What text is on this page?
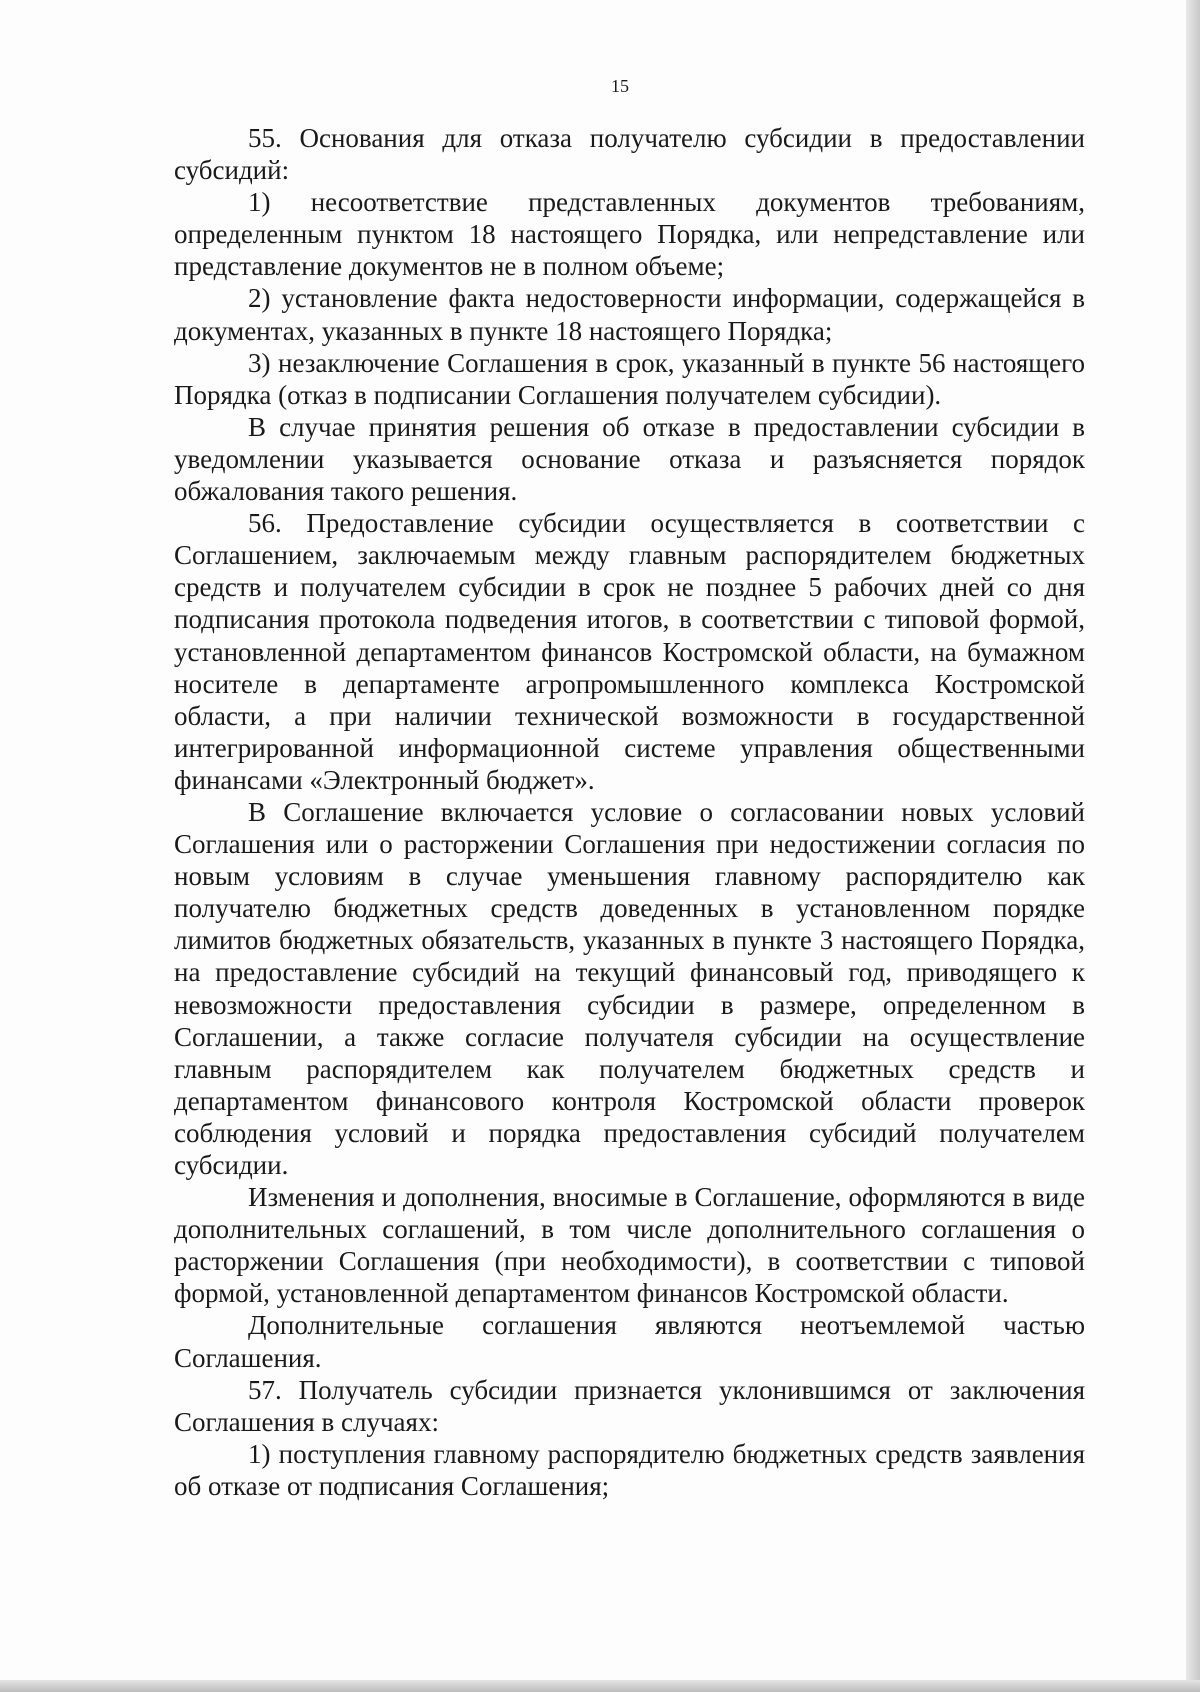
15

55. Основания для отказа получателю субсидии в предоставлении субсидий:

1) несоответствие представленных документов требованиям, определенным пунктом 18 настоящего Порядка, или непредставление или представление документов не в полном объеме;

2) установление факта недостоверности информации, содержащейся в документах, указанных в пункте 18 настоящего Порядка;

3) незаключение Соглашения в срок, указанный в пункте 56 настоящего Порядка (отказ в подписании Соглашения получателем субсидии).

В случае принятия решения об отказе в предоставлении субсидии в уведомлении указывается основание отказа и разъясняется порядок обжалования такого решения.

56. Предоставление субсидии осуществляется в соответствии с Соглашением, заключаемым между главным распорядителем бюджетных средств и получателем субсидии в срок не позднее 5 рабочих дней со дня подписания протокола подведения итогов, в соответствии с типовой формой, установленной департаментом финансов Костромской области, на бумажном носителе в департаменте агропромышленного комплекса Костромской области, а при наличии технической возможности в государственной интегрированной информационной системе управления общественными финансами «Электронный бюджет».

В Соглашение включается условие о согласовании новых условий Соглашения или о расторжении Соглашения при недостижении согласия по новым условиям в случае уменьшения главному распорядителю как получателю бюджетных средств доведенных в установленном порядке лимитов бюджетных обязательств, указанных в пункте 3 настоящего Порядка, на предоставление субсидий на текущий финансовый год, приводящего к невозможности предоставления субсидии в размере, определенном в Соглашении, а также согласие получателя субсидии на осуществление главным распорядителем как получателем бюджетных средств и департаментом финансового контроля Костромской области проверок соблюдения условий и порядка предоставления субсидий получателем субсидии.

Изменения и дополнения, вносимые в Соглашение, оформляются в виде дополнительных соглашений, в том числе дополнительного соглашения о расторжении Соглашения (при необходимости), в соответствии с типовой формой, установленной департаментом финансов Костромской области.

Дополнительные соглашения являются неотъемлемой частью Соглашения.

57. Получатель субсидии признается уклонившимся от заключения Соглашения в случаях:

1) поступления главному распорядителю бюджетных средств заявления об отказе от подписания Соглашения;
